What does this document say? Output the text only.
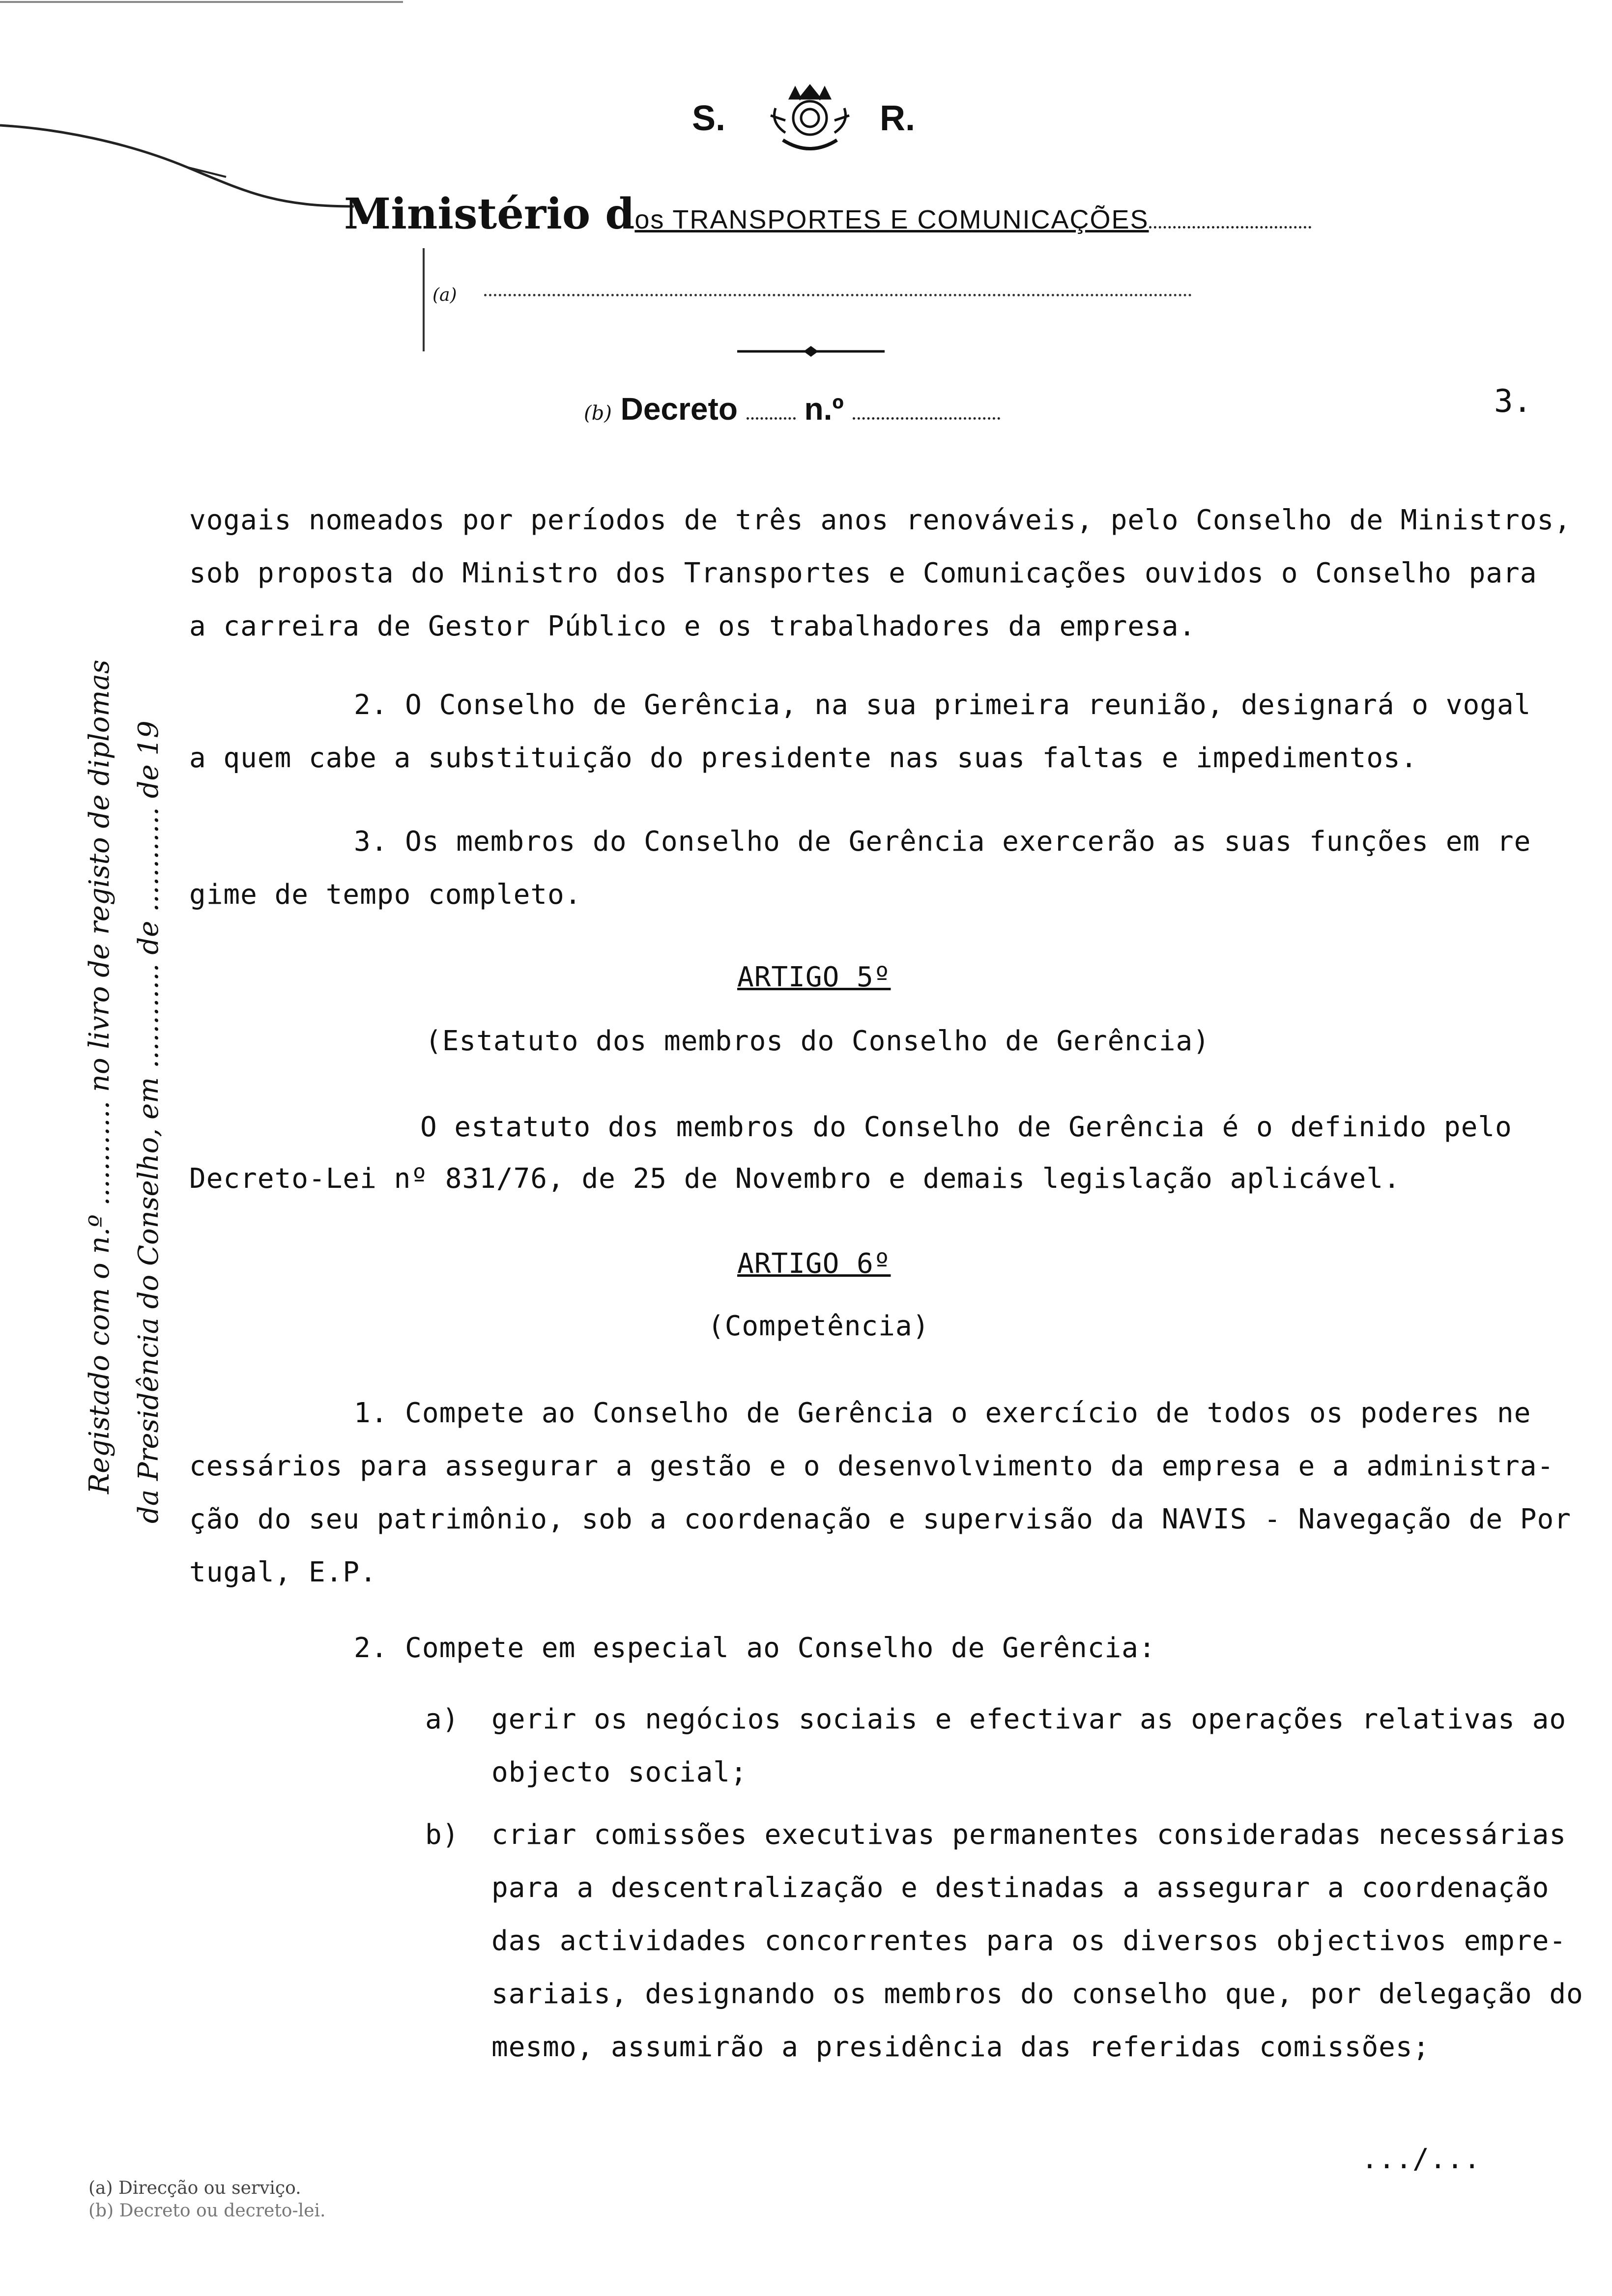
S.	R.
Ministério dos TRANSPORTES E COMUNICAÇÕES
(a)
(b) Decreto n.º	3.
Registado com o n.º ............ no livro de registo de diplomas da Presidência do Conselho, em ............ de ............ de 19
vogais nomeados por períodos de três anos renováveis, pelo Conselho de Ministros,
sob proposta do Ministro dos Transportes e Comunicações ouvidos o Conselho para
a carreira de Gestor Público e os trabalhadores da empresa.
2. O Conselho de Gerência, na sua primeira reunião, designará o vogal
a quem cabe a substituição do presidente nas suas faltas e impedimentos.
3. Os membros do Conselho de Gerência exercerão as suas funções em re
gime de tempo completo.
ARTIGO 5º
(Estatuto dos membros do Conselho de Gerência)
O estatuto dos membros do Conselho de Gerência é o definido pelo
Decreto-Lei nº 831/76, de 25 de Novembro e demais legislação aplicável.
ARTIGO 6º
(Competência)
1. Compete ao Conselho de Gerência o exercício de todos os poderes ne
cessários para assegurar a gestão e o desenvolvimento da empresa e a administra-
ção do seu patrimônio, sob a coordenação e supervisão da NAVIS - Navegação de Por
tugal, E.P.
2. Compete em especial ao Conselho de Gerência:
a) gerir os negócios sociais e efectivar as operações relativas ao
objecto social;
b) criar comissões executivas permanentes consideradas necessárias
para a descentralização e destinadas a assegurar a coordenação
das actividades concorrentes para os diversos objectivos empre-
sariais, designando os membros do conselho que, por delegação do
mesmo, assumirão a presidência das referidas comissões;
.../...
(a) Direcção ou serviço.
(b) Decreto ou decreto-lei.
